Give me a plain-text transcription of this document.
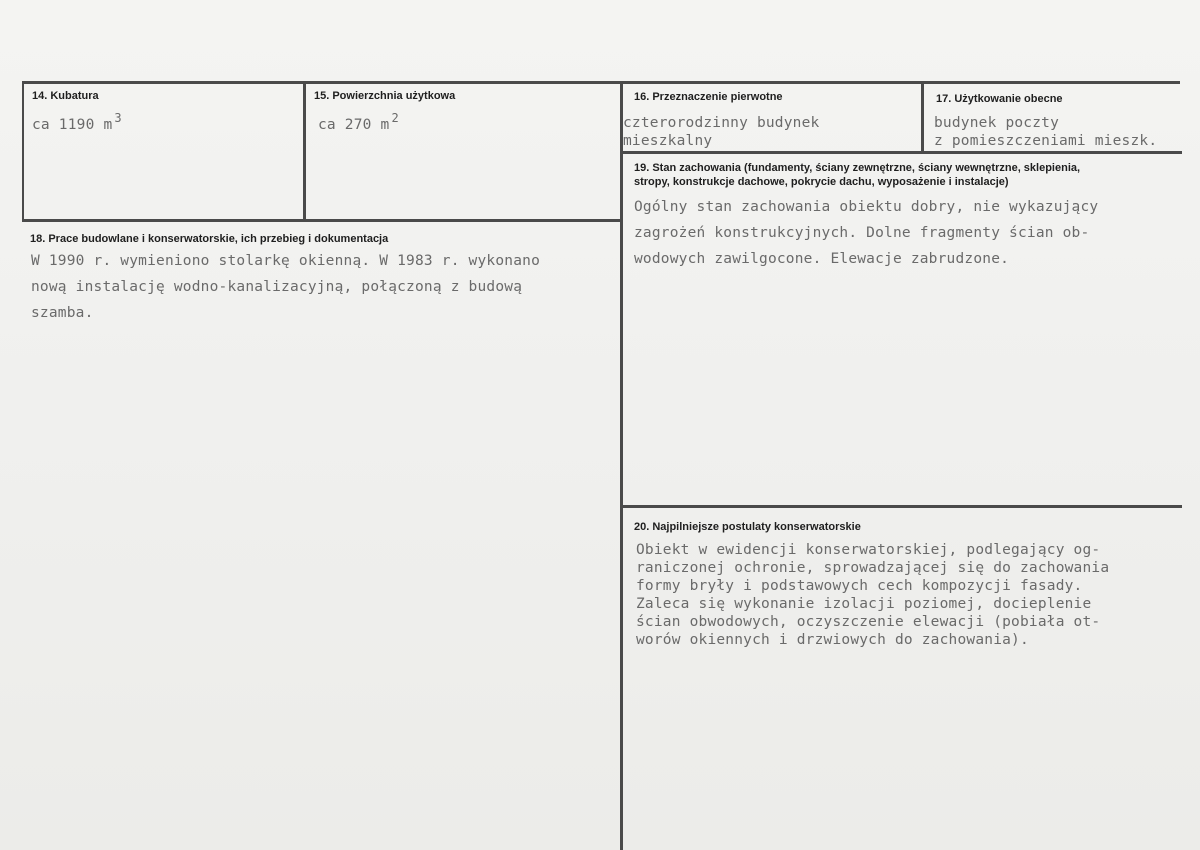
14. Kubatura
ca 1190 m $^3$
15. Powierzchnia użytkowa
ca 270 m $^2$
16. Przeznaczenie pierwotne
czterorodzinny budynek
mieszkalny
17. Użytkowanie obecne
budynek poczty
z pomieszczeniami mieszk.
18. Prace budowlane i konserwatorskie, ich przebieg i dokumentacja
W 1990 r. wymieniono stolarkę okienną. W 1983 r. wykonano
nową instalację wodno-kanalizacyjną, połączoną z budową
szamba.
19. Stan zachowania (fundamenty, ściany zewnętrzne, ściany wewnętrzne, sklepienia,
stropy, konstrukcje dachowe, pokrycie dachu, wyposażenie i instalacje)
Ogólny stan zachowania obiektu dobry, nie wykazujący
zagrożeń konstrukcyjnych. Dolne fragmenty ścian ob-
wodowych zawilgocone. Elewacje zabrudzone.
20. Najpilniejsze postulaty konserwatorskie
Obiekt w ewidencji konserwatorskiej, podlegający og-
raniczonej ochronie, sprowadzającej się do zachowania
formy bryły i podstawowych cech kompozycji fasady.
Zaleca się wykonanie izolacji poziomej, docieplenie
ścian obwodowych, oczyszczenie elewacji (pobiała ot-
worów okiennych i drzwiowych do zachowania).
